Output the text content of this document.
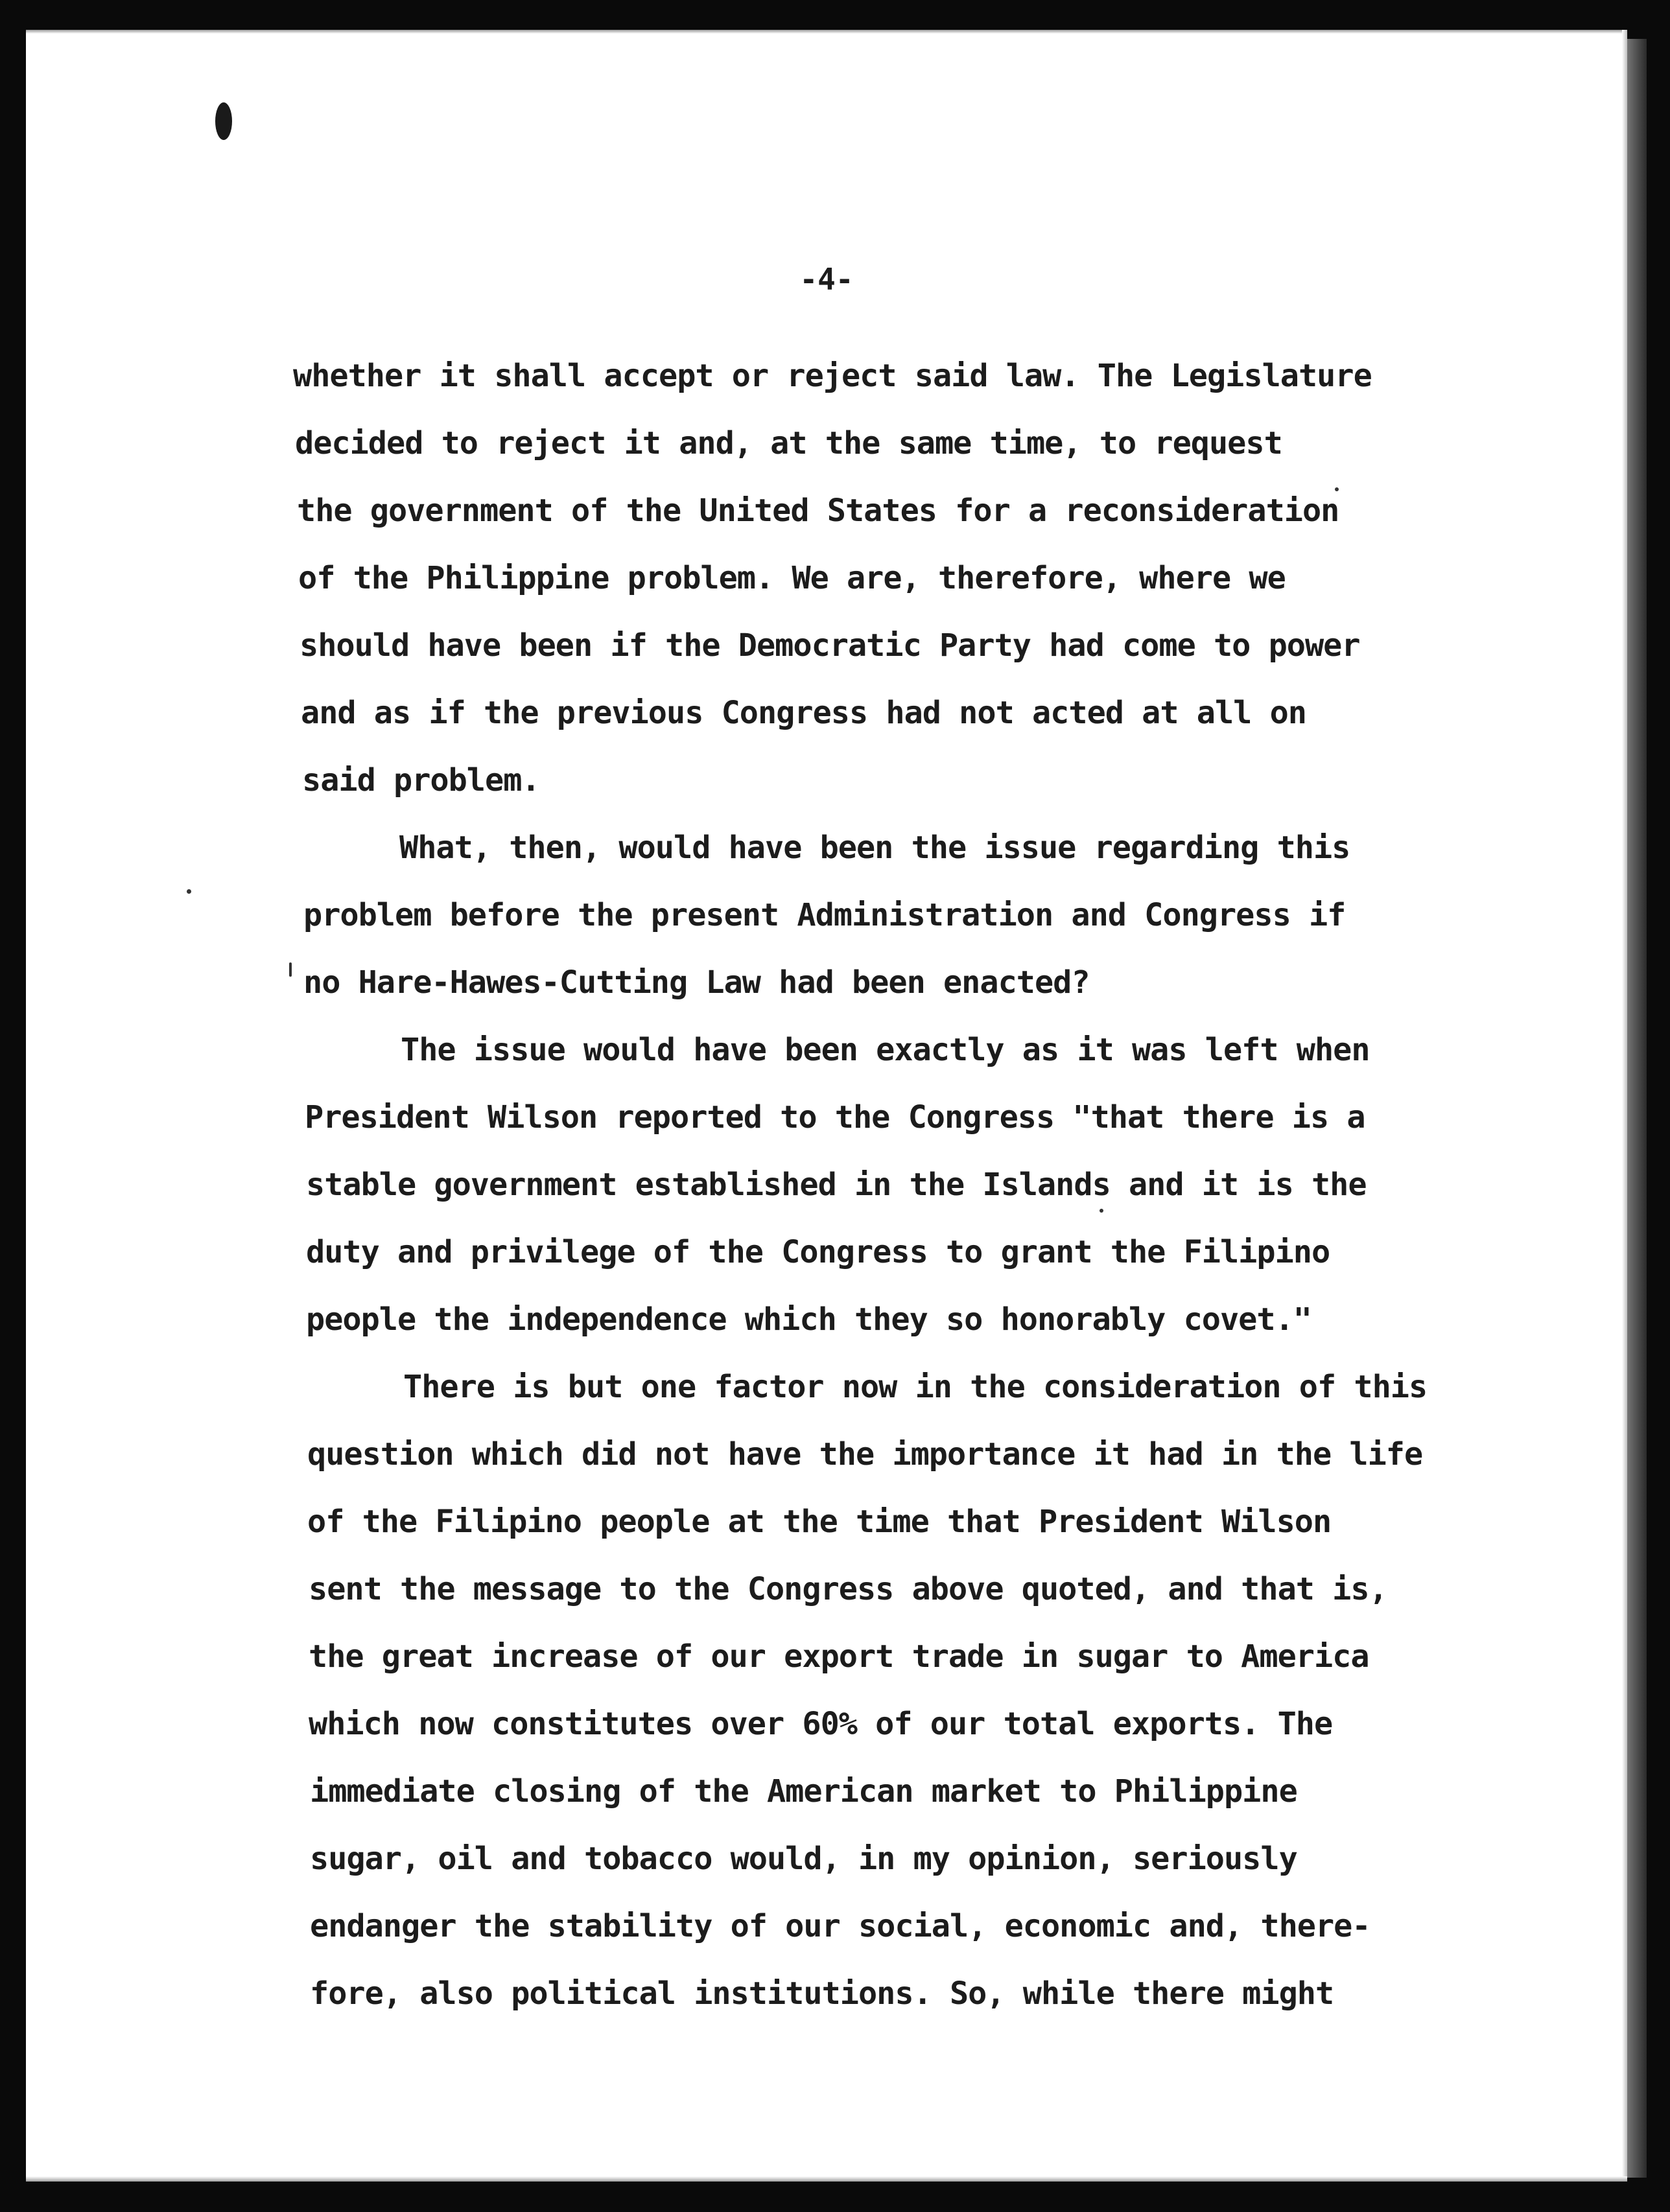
-4-

whether it shall accept or reject said law. The Legislature

decided to reject it and, at the same time, to request

the government of the United States for a reconsideration

of the Philippine problem. We are, therefore, where we

should have been if the Democratic Party had come to power

and as if the previous Congress had not acted at all on

said problem.

What, then, would have been the issue regarding this

problem before the present Administration and Congress if

no Hare-Hawes-Cutting Law had been enacted?

The issue would have been exactly as it was left when

President Wilson reported to the Congress "that there is a

stable government established in the Islands and it is the

duty and privilege of the Congress to grant the Filipino

people the independence which they so honorably covet."

There is but one factor now in the consideration of this

question which did not have the importance it had in the life

of the Filipino people at the time that President Wilson

sent the message to the Congress above quoted, and that is,

the great increase of our export trade in sugar to America

which now constitutes over 60% of our total exports. The

immediate closing of the American market to Philippine

sugar, oil and tobacco would, in my opinion, seriously

endanger the stability of our social, economic and, there-

fore, also political institutions. So, while there might
